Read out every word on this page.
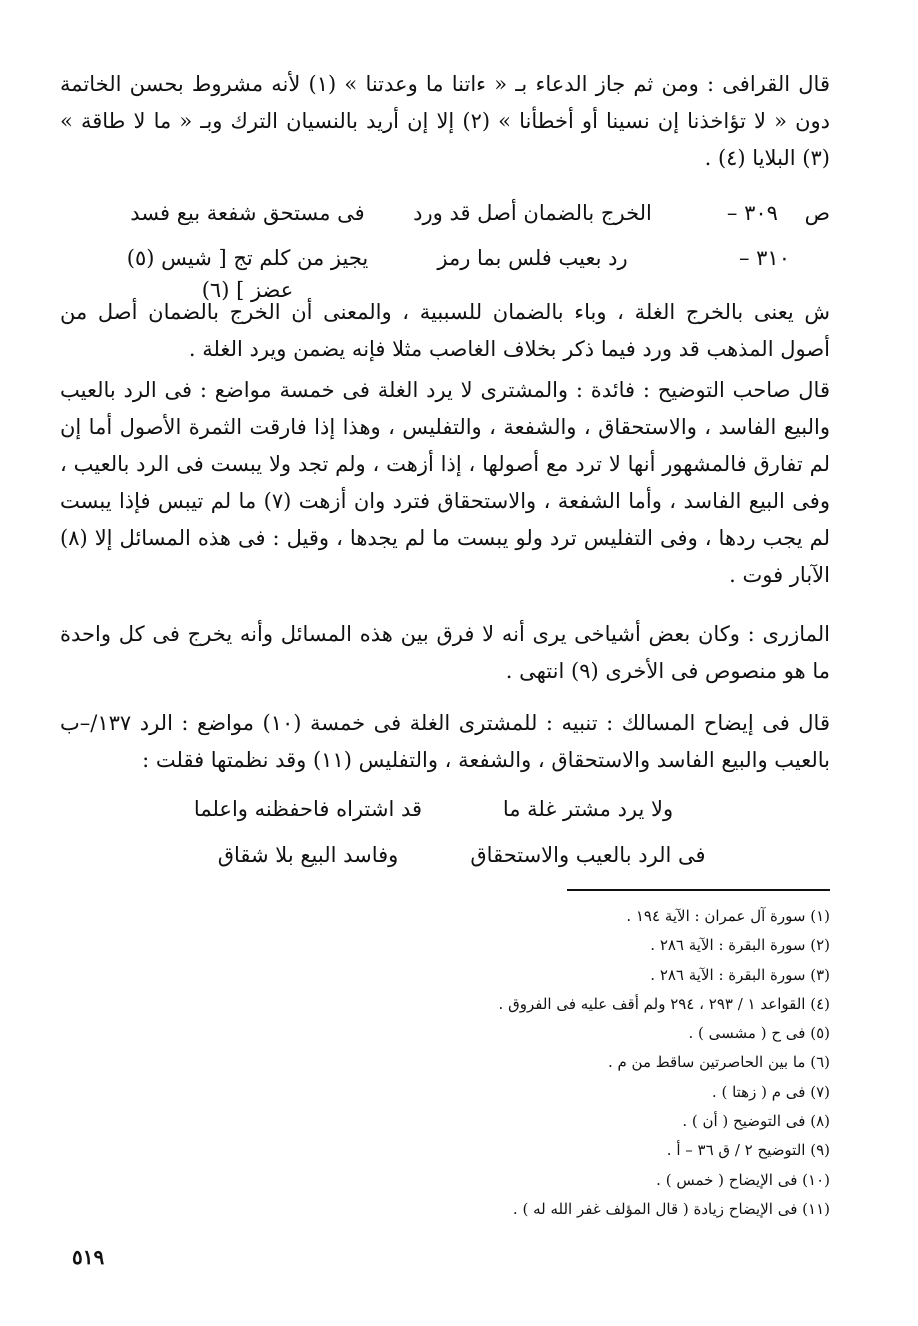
قال القرافى : ومن ثم جاز الدعاء بـ « ءاتنا ما وعدتنا » (١) لأنه مشروط بحسن الخاتمة دون « لا تؤاخذنا إن نسينا أو أخطأنا » (٢) إلا إن أريد بالنسيان الترك وبـ « ما لا طاقة » (٣) البلايا (٤) .
ص    ٣٠٩ –
الخرج بالضمان أصل قد ورد
فى مستحق شفعة بيع فسد
٣١٠ –
رد بعيب فلس بما رمز
يجيز من كلم تج [ شيس (٥) عضز ] (٦)
ش يعنى بالخرج الغلة ، وباء بالضمان للسببية ، والمعنى أن الخرج بالضمان أصل من أصول المذهب قد ورد فيما ذكر بخلاف الغاصب مثلا فإنه يضمن ويرد الغلة .
قال صاحب التوضيح : فائدة : والمشترى لا يرد الغلة فى خمسة مواضع : فى الرد بالعيب والبيع الفاسد ، والاستحقاق ، والشفعة ، والتفليس ، وهذا إذا فارقت الثمرة الأصول أما إن لم تفارق فالمشهور أنها لا ترد مع أصولها ، إذا أزهت ، ولم تجد ولا يبست فى الرد بالعيب ، وفى البيع الفاسد ، وأما الشفعة ، والاستحقاق فترد وان أزهت (٧) ما لم تيبس فإذا يبست لم يجب ردها ، وفى التفليس ترد ولو يبست ما لم يجدها ، وقيل : فى هذه المسائل إلا (٨) الآبار فوت .
المازرى : وكان بعض أشياخى يرى أنه لا فرق بين هذه المسائل وأنه يخرج فى كل واحدة ما هو منصوص فى الأخرى (٩) انتهى .
قال فى إيضاح المسالك : تنبيه : للمشترى الغلة فى خمسة (١٠) مواضع : الرد ١٣٧/–ب بالعيب والبيع الفاسد والاستحقاق ، والشفعة ، والتفليس (١١) وقد نظمتها فقلت :
ولا يرد مشتر غلة ما
قد اشتراه فاحفظنه واعلما
فى الرد بالعيب والاستحقاق
وفاسد البيع بلا شقاق
(١) سورة آل عمران : الآية ١٩٤ .
(٢) سورة البقرة : الآية ٢٨٦ .
(٣) سورة البقرة : الآية ٢٨٦ .
(٤) القواعد ١ / ٢٩٣ ، ٢٩٤ ولم أقف عليه فى الفروق .
(٥) فى ح ( مشسى ) .
(٦) ما بين الحاصرتين ساقط من م .
(٧) فى م ( زهتا ) .
(٨) فى التوضيح ( أن ) .
(٩) التوضيح ٢ / ق ٣٦ – أ .
(١٠) فى الإيضاح ( خمس ) .
(١١) فى الإيضاح زيادة ( قال المؤلف غفر الله له ) .
٥١٩
